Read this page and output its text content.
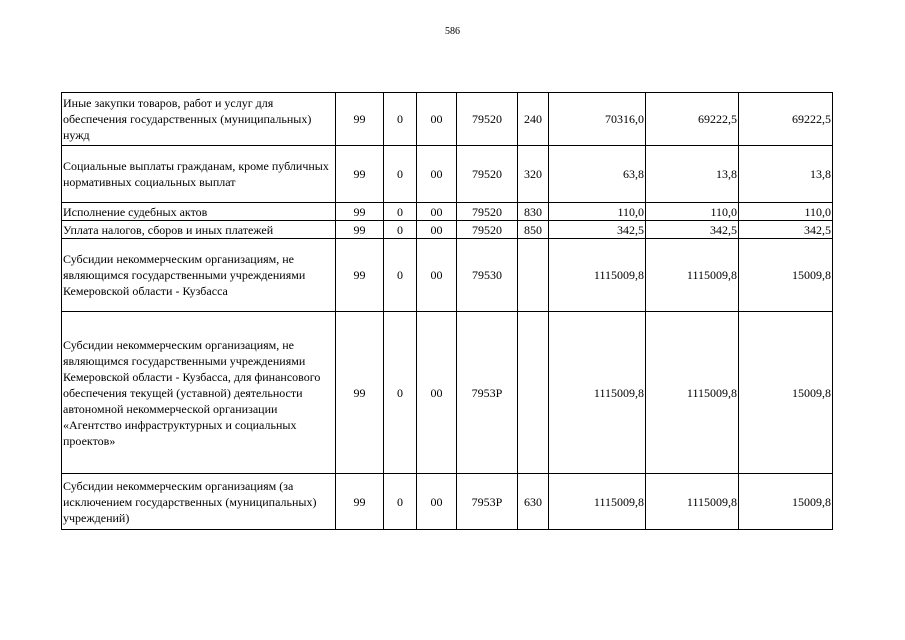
586
Иные закупки товаров, работ и услуг для обеспечения государственных (муниципальных) нужд	99	0	00	79520	240	70316,0	69222,5	69222,5
Социальные выплаты гражданам, кроме публичных нормативных социальных выплат	99	0	00	79520	320	63,8	13,8	13,8
Исполнение судебных актов	99	0	00	79520	830	110,0	110,0	110,0
Уплата налогов, сборов и иных платежей	99	0	00	79520	850	342,5	342,5	342,5
Субсидии некоммерческим организациям, не являющимся государственными учреждениями Кемеровской области - Кузбасса	99	0	00	79530		1115009,8	1115009,8	15009,8
Субсидии некоммерческим организациям, не являющимся государственными учреждениями Кемеровской области - Кузбасса, для финансового обеспечения текущей (уставной) деятельности автономной некоммерческой организации «Агентство инфраструктурных и социальных проектов»	99	0	00	7953P		1115009,8	1115009,8	15009,8
Субсидии некоммерческим организациям (за исключением государственных (муниципальных) учреждений)	99	0	00	7953P	630	1115009,8	1115009,8	15009,8
